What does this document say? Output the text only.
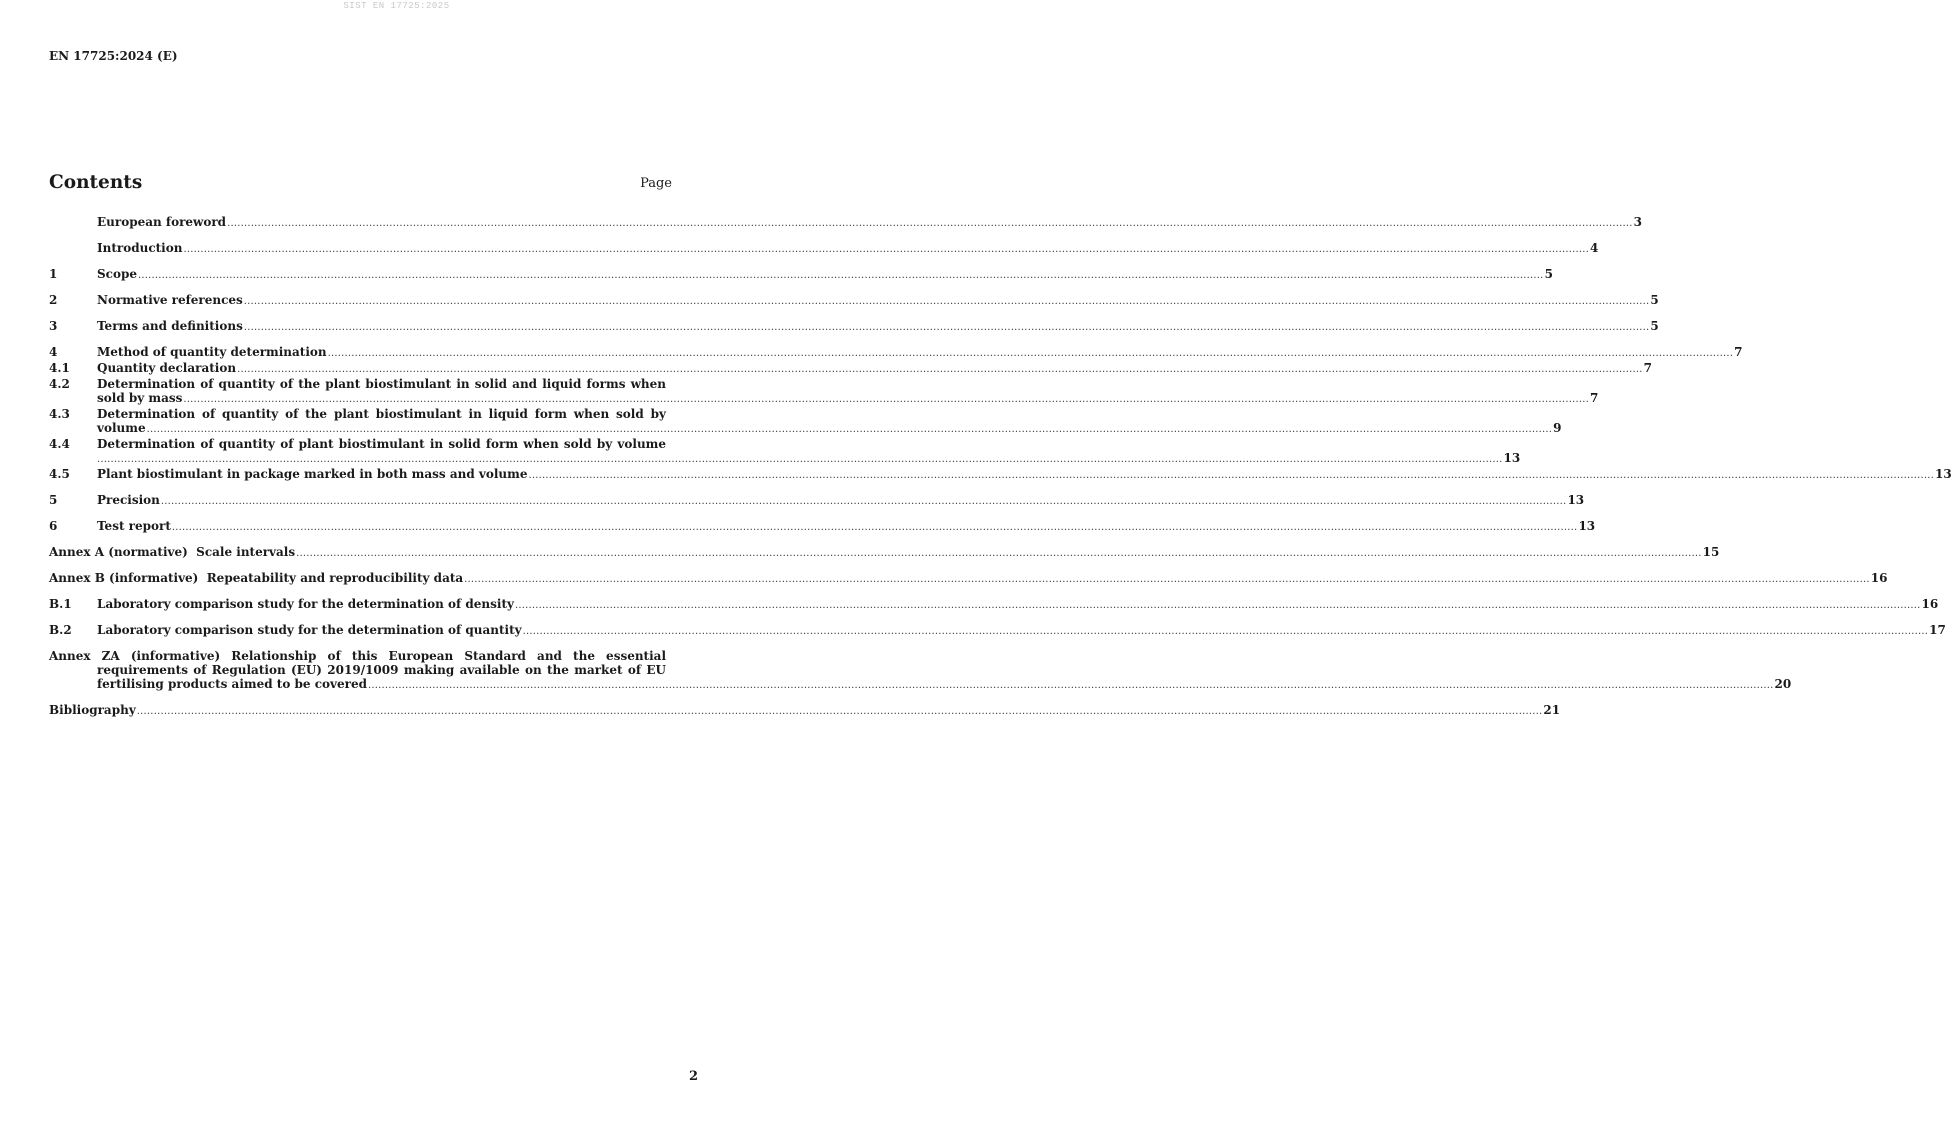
SIST EN 17725:2025
EN 17725:2024 (E)
Contents	Page
European foreword ................................................................................................................................................................................................................................................................................................................................................................................................................................ 3
Introduction ................................................................................................................................................................................................................................................................................................................................................................................................................................ 4
1	Scope ................................................................................................................................................................................................................................................................................................................................................................................................................................ 5
2	Normative references ................................................................................................................................................................................................................................................................................................................................................................................................................................ 5
3	Terms and definitions ................................................................................................................................................................................................................................................................................................................................................................................................................................ 5
4	Method of quantity determination ................................................................................................................................................................................................................................................................................................................................................................................................................................ 7
4.1	Quantity declaration ................................................................................................................................................................................................................................................................................................................................................................................................................................ 7
4.2	Determination of quantity of the plant biostimulant in solid and liquid forms when
sold by mass ................................................................................................................................................................................................................................................................................................................................................................................................................................ 7
4.3	Determination of quantity of the plant biostimulant in liquid form when sold by
volume ................................................................................................................................................................................................................................................................................................................................................................................................................................ 9
4.4	Determination of quantity of plant biostimulant in solid form when sold by volume
................................................................................................................................................................................................................................................................................................................................................................................................................................ 13
4.5	Plant biostimulant in package marked in both mass and volume ................................................................................................................................................................................................................................................................................................................................................................................................................................ 13
5	Precision ................................................................................................................................................................................................................................................................................................................................................................................................................................ 13
6	Test report ................................................................................................................................................................................................................................................................................................................................................................................................................................ 13
Annex A (normative)  Scale intervals ................................................................................................................................................................................................................................................................................................................................................................................................................................ 15
Annex B (informative)  Repeatability and reproducibility data ................................................................................................................................................................................................................................................................................................................................................................................................................................ 16
B.1	Laboratory comparison study for the determination of density ................................................................................................................................................................................................................................................................................................................................................................................................................................ 16
B.2	Laboratory comparison study for the determination of quantity ................................................................................................................................................................................................................................................................................................................................................................................................................................ 17
Annex ZA (informative) Relationship of this European Standard and the essential
requirements of Regulation (EU) 2019/1009 making available on the market of EU
fertilising products aimed to be covered ................................................................................................................................................................................................................................................................................................................................................................................................................................ 20
Bibliography ................................................................................................................................................................................................................................................................................................................................................................................................................................ 21
2
